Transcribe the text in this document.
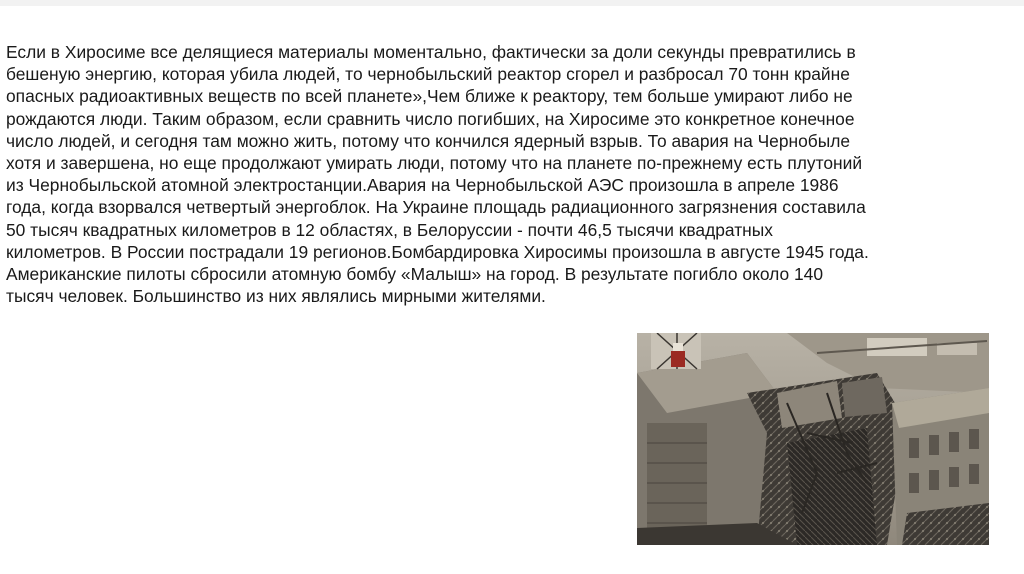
Если в Хиросиме все делящиеся материалы моментально, фактически за доли секунды превратились в
бешеную энергию, которая убила людей, то чернобыльский реактор сгорел и разбросал 70 тонн крайне
опасных радиоактивных веществ по всей планете»,Чем ближе к реактору, тем больше умирают либо не
рождаются люди. Таким образом, если сравнить число погибших, на Хиросиме это конкретное конечное
число людей, и сегодня там можно жить, потому что кончился ядерный взрыв. То авария на Чернобыле
хотя и завершена, но еще продолжают умирать люди, потому что на планете по-прежнему есть плутоний
из Чернобыльской атомной электростанции.Авария на Чернобыльской АЭС произошла в апреле 1986
года, когда взорвался четвертый энергоблок. На Украине площадь радиационного загрязнения составила
50 тысяч квадратных километров в 12 областях, в Белоруссии - почти 46,5 тысячи квадратных
километров. В России пострадали 19 регионов.Бомбардировка Хиросимы произошла в августе 1945 года.
Американские пилоты сбросили атомную бомбу «Малыш» на город. В результате погибло около 140
тысяч человек. Большинство из них являлись мирными жителями.
